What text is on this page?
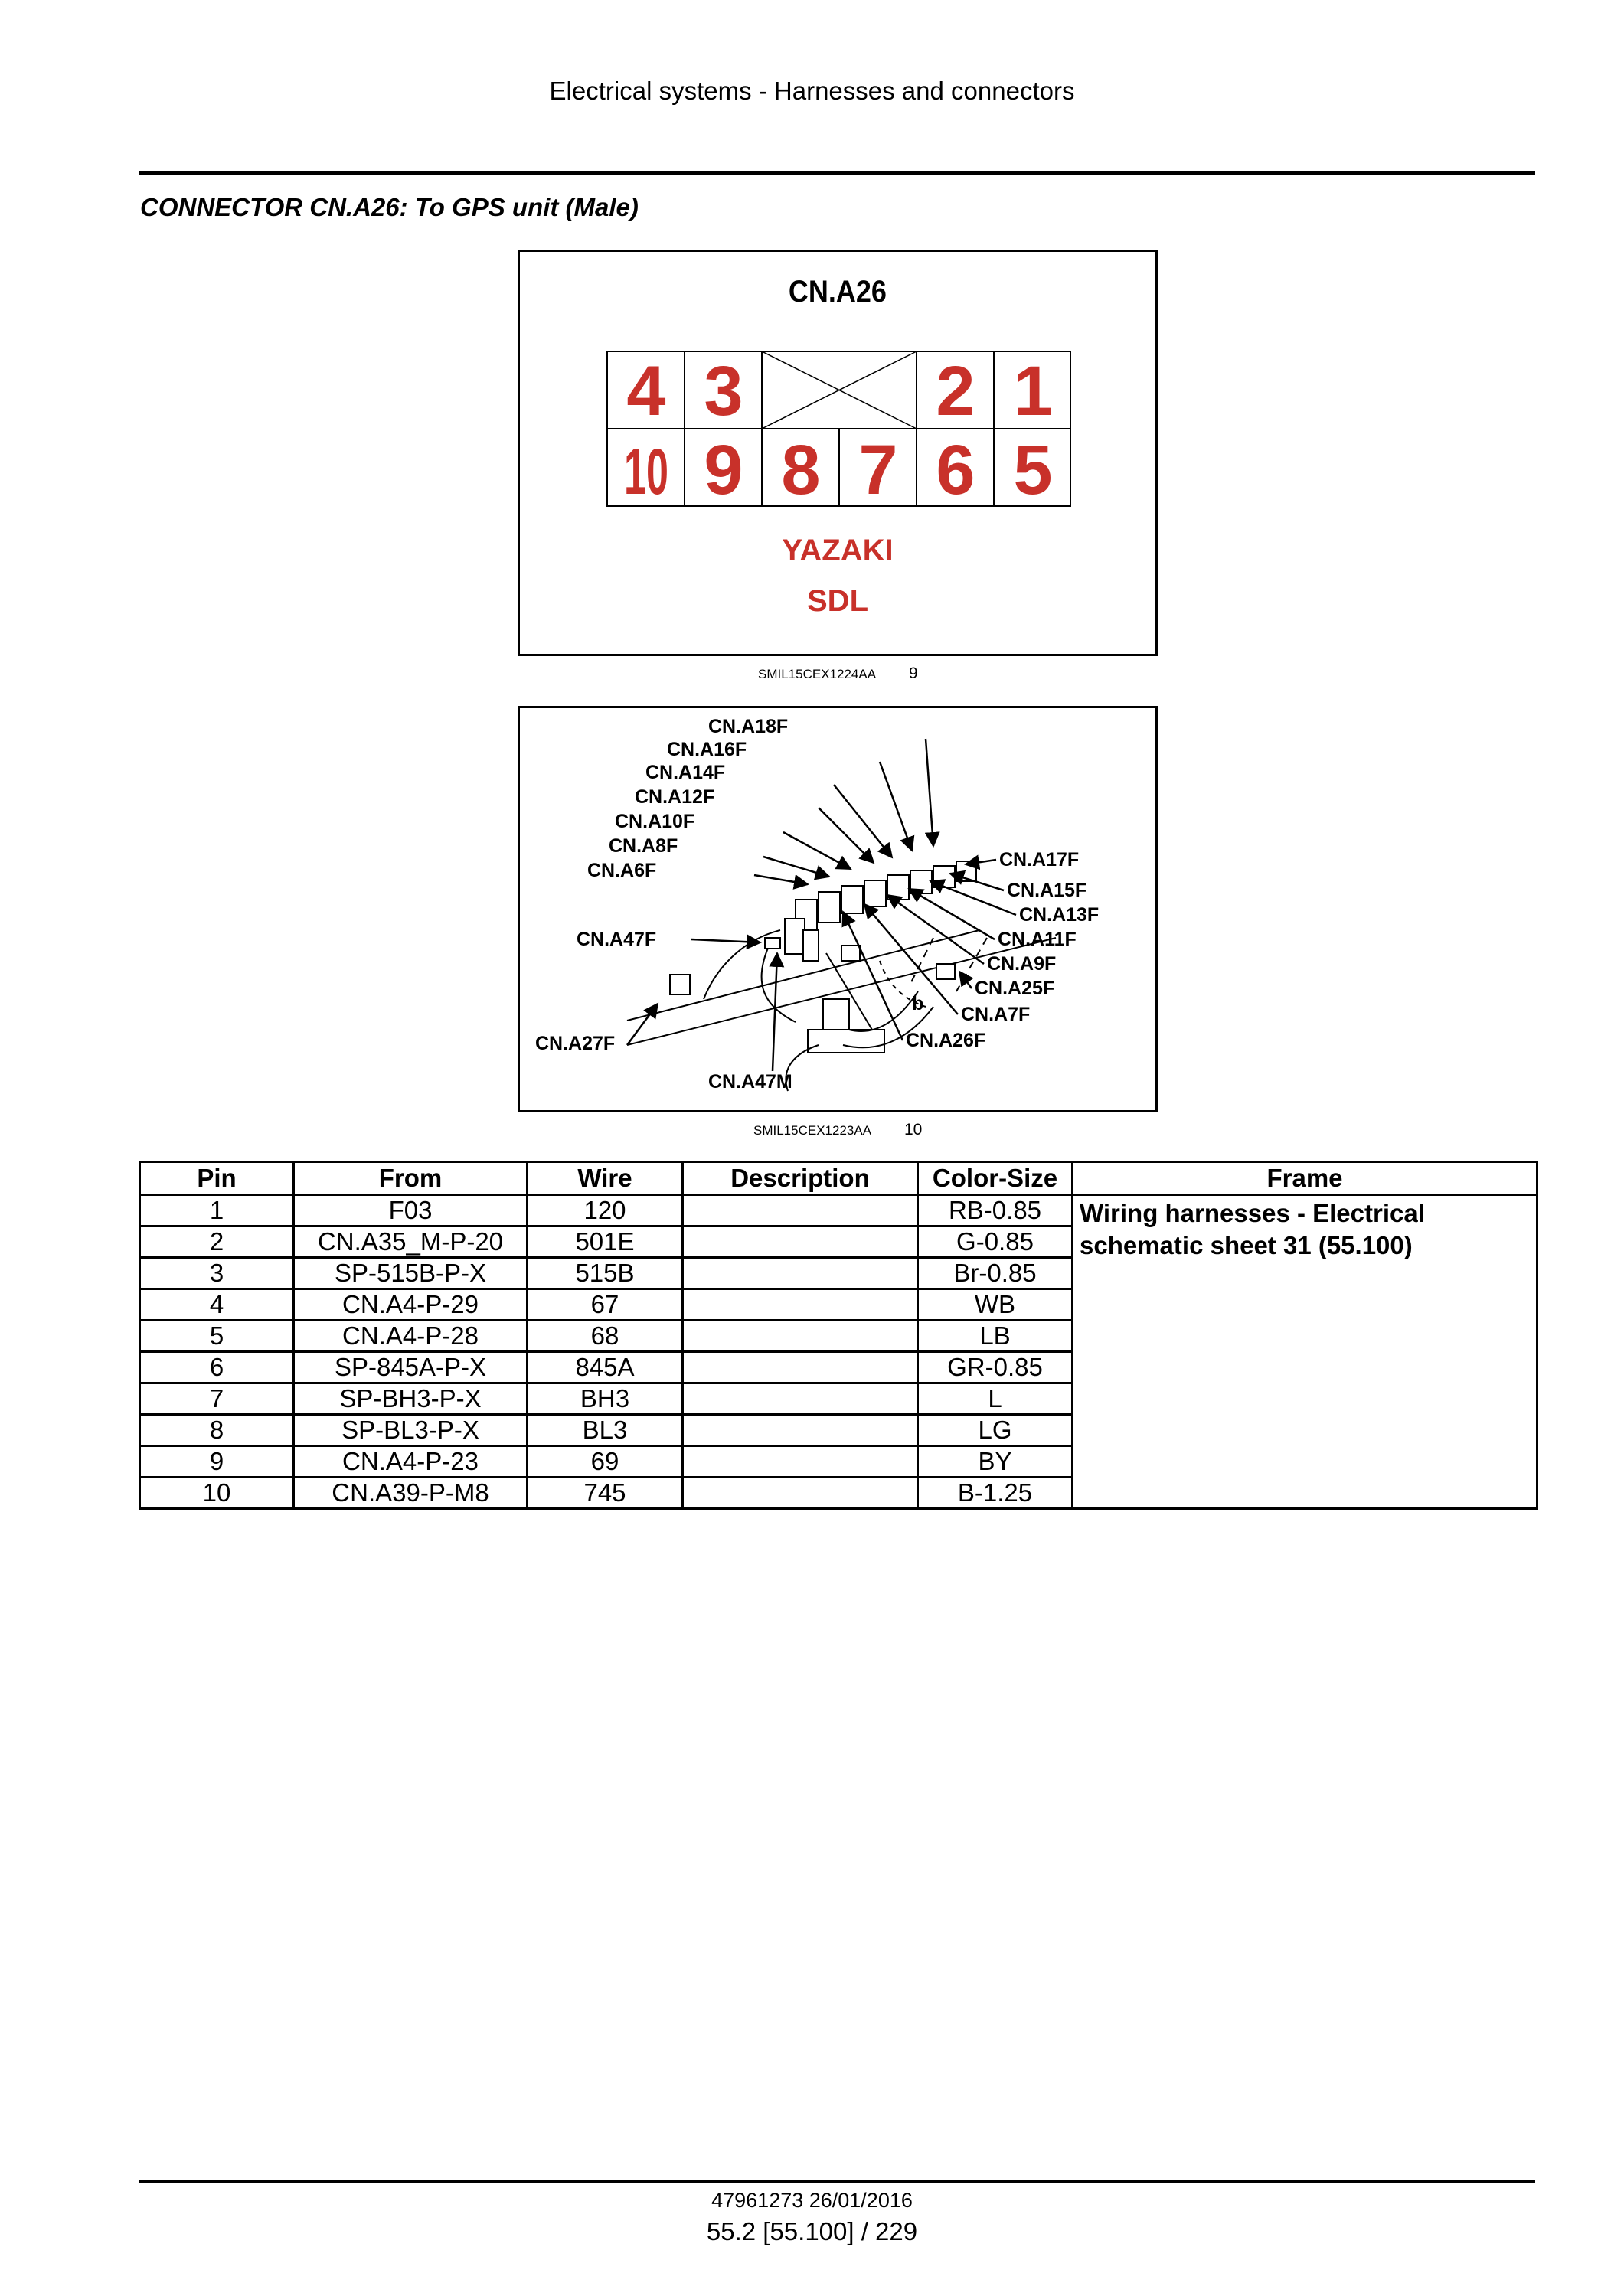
Electrical systems - Harnesses and connectors
CONNECTOR CN.A26: To GPS unit (Male)
CN.A26
4 3	2 1
10 9 8 7 6 5
YAZAKI
SDL
SMIL15CEX1224AA 9
CN.A18F
CN.A16F
CN.A14F
CN.A12F
CN.A10F
CN.A8F
CN.A6F
CN.A47F
CN.A27F
CN.A47M
CN.A17F
CN.A15F
CN.A13F
CN.A11F
CN.A9F
CN.A25F
CN.A7F
CN.A26F
b
SMIL15CEX1223AA 10
Pin	From	Wire	Description	Color-Size	Frame
1	F03	120		RB-0.85	Wiring harnesses - Electrical schematic sheet 31 (55.100)
2	CN.A35_M-P-20	501E		G-0.85	
3	SP-515B-P-X	515B		Br-0.85	
4	CN.A4-P-29	67		WB	
5	CN.A4-P-28	68		LB	
6	SP-845A-P-X	845A		GR-0.85	
7	SP-BH3-P-X	BH3		L	
8	SP-BL3-P-X	BL3		LG	
9	CN.A4-P-23	69		BY	
10	CN.A39-P-M8	745		B-1.25	
47961273 26/01/2016
55.2 [55.100] / 229
